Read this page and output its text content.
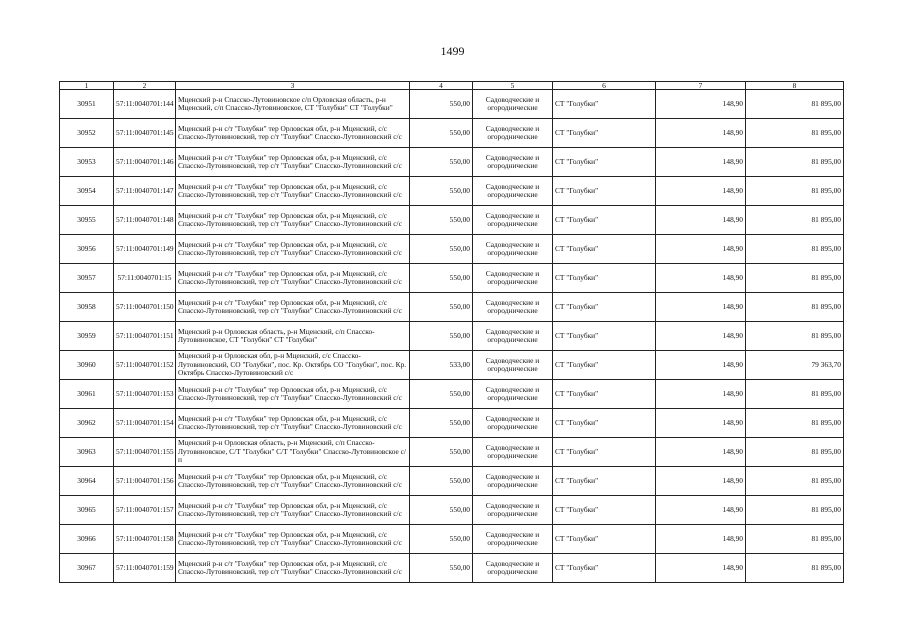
1499
1	2	3	4	5	6	7	8
30951	57:11:0040701:144	Мценский р-н Спасско-Лутовиновское с/п Орловская область, р-н Мценский, с/п Спасско-Лутовиновское, СТ "Голубки" СТ "Голубки"	550,00	Садоводческие и огороднические	СТ "Голубки"	148,90	81 895,00
30952	57:11:0040701:145	Мценский р-н с/т "Голубки" тер Орловская обл, р-н Мценский, с/с Спасско-Лутовиновский, тер с/т "Голубки" Спасско-Лутовиновский с/с	550,00	Садоводческие и огороднические	СТ "Голубки"	148,90	81 895,00
30953	57:11:0040701:146	Мценский р-н с/т "Голубки" тер Орловская обл, р-н Мценский, с/с Спасско-Лутовиновский, тер с/т "Голубки" Спасско-Лутовиновский с/с	550,00	Садоводческие и огороднические	СТ "Голубки"	148,90	81 895,00
30954	57:11:0040701:147	Мценский р-н с/т "Голубки" тер Орловская обл, р-н Мценский, с/с Спасско-Лутовиновский, тер с/т "Голубки" Спасско-Лутовиновский с/с	550,00	Садоводческие и огороднические	СТ "Голубки"	148,90	81 895,00
30955	57:11:0040701:148	Мценский р-н с/т "Голубки" тер Орловская обл, р-н Мценский, с/с Спасско-Лутовиновский, тер с/т "Голубки" Спасско-Лутовиновский с/с	550,00	Садоводческие и огороднические	СТ "Голубки"	148,90	81 895,00
30956	57:11:0040701:149	Мценский р-н с/т "Голубки" тер Орловская обл, р-н Мценский, с/с Спасско-Лутовиновский, тер с/т "Голубки" Спасско-Лутовиновский с/с	550,00	Садоводческие и огороднические	СТ "Голубки"	148,90	81 895,00
30957	57:11:0040701:15	Мценский р-н с/т "Голубки" тер Орловская обл, р-н Мценский, с/с Спасско-Лутовиновский, тер с/т "Голубки" Спасско-Лутовиновский с/с	550,00	Садоводческие и огороднические	СТ "Голубки"	148,90	81 895,00
30958	57:11:0040701:150	Мценский р-н с/т "Голубки" тер Орловская обл, р-н Мценский, с/с Спасско-Лутовиновский, тер с/т "Голубки" Спасско-Лутовиновский с/с	550,00	Садоводческие и огороднические	СТ "Голубки"	148,90	81 895,00
30959	57:11:0040701:151	Мценский р-н Орловская область, р-н Мценский, с/п Спасско-Лутовиновское, СТ "Голубки" СТ "Голубки"	550,00	Садоводческие и огороднические	СТ "Голубки"	148,90	81 895,00
30960	57:11:0040701:152	Мценский р-н Орловская обл, р-н Мценский, с/с Спасско-Лутовиновский, СО "Голубки", пос. Кр. Октябрь СО "Голубки", пос. Кр. Октябрь Спасско-Лутовиновский с/с	533,00	Садоводческие и огороднические	СТ "Голубки"	148,90	79 363,70
30961	57:11:0040701:153	Мценский р-н с/т "Голубки" тер Орловская обл, р-н Мценский, с/с Спасско-Лутовиновский, тер с/т "Голубки" Спасско-Лутовиновский с/с	550,00	Садоводческие и огороднические	СТ "Голубки"	148,90	81 895,00
30962	57:11:0040701:154	Мценский р-н с/т "Голубки" тер Орловская обл, р-н Мценский, с/с Спасско-Лутовиновский, тер с/т "Голубки" Спасско-Лутовиновский с/с	550,00	Садоводческие и огороднические	СТ "Голубки"	148,90	81 895,00
30963	57:11:0040701:155	Мценский р-н Орловская область, р-н Мценский, с/п Спасско-Лутовиновское, С/Т "Голубки" С/Т "Голубки" Спасско-Лутовиновское с/п	550,00	Садоводческие и огороднические	СТ "Голубки"	148,90	81 895,00
30964	57:11:0040701:156	Мценский р-н с/т "Голубки" тер Орловская обл, р-н Мценский, с/с Спасско-Лутовиновский, тер с/т "Голубки" Спасско-Лутовиновский с/с	550,00	Садоводческие и огороднические	СТ "Голубки"	148,90	81 895,00
30965	57:11:0040701:157	Мценский р-н с/т "Голубки" тер Орловская обл, р-н Мценский, с/с Спасско-Лутовиновский, тер с/т "Голубки" Спасско-Лутовиновский с/с	550,00	Садоводческие и огороднические	СТ "Голубки"	148,90	81 895,00
30966	57:11:0040701:158	Мценский р-н с/т "Голубки" тер Орловская обл, р-н Мценский, с/с Спасско-Лутовиновский, тер с/т "Голубки" Спасско-Лутовиновский с/с	550,00	Садоводческие и огороднические	СТ "Голубки"	148,90	81 895,00
30967	57:11:0040701:159	Мценский р-н с/т "Голубки" тер Орловская обл, р-н Мценский, с/с Спасско-Лутовиновский, тер с/т "Голубки" Спасско-Лутовиновский с/с	550,00	Садоводческие и огороднические	СТ "Голубки"	148,90	81 895,00
